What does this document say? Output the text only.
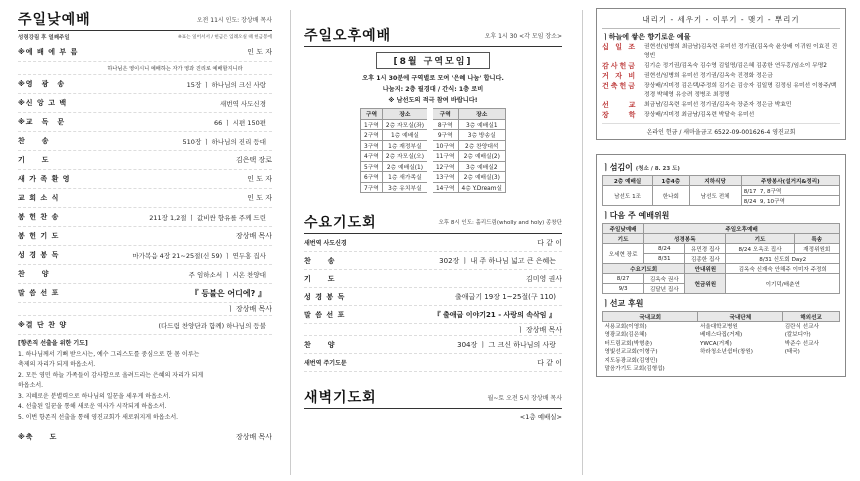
주일낮예배	오전 11시 인도: 장상배 목사
성령강림 후 열째주일	※표는 일어서서 / 헌금은 입례오실 때 헌금봉에
※예 배 에 부 름	인 도 자
하나님은 영이시니 예배하는 자가 영과 진리로 예배할지니라
※영　광　송	15장 ㅣ 하나님의 크신 사랑
※신 앙 고 백	새번역 사도신경
※교　독　문	66 ㅣ 시편 150편
찬　　송	510장 ㅣ 하나님의 진리 등대
기　　도	김은택 장로
새 가 족 환 영	인 도 자
교 회 소 식	인 도 자
봉 헌 찬 송	211장 1,2절 ㅣ 값비싼 향유를 주께 드린
봉 헌 기 도	장상배 목사
성 경 봉 독	마가복음 4장 21~25절(신 59) ㅣ 연두홍 집사
찬　　양	주 임하소서 ㅣ 시온 찬양대
말 씀 선 포	『 등불은 어디에? 』
ㅣ 장상배 목사
※결 단 찬 양	(다드림 찬양단과 함께) 하나님의 등불
[향존직 선출을 위한 기도]
1. 하나님께서 기뻐 받으시는, 예수 그리스도를 중심으로 한 몸 이루는
축제의 자리가 되게 하옵소서.
2. 모든 영민 하늘 가족들이 감사함으로 올려드리는 은혜의 자리가 되게
하옵소서.
3. 지혜로운 분별력으로 하나님의 일꾼을 세우게 하옵소서.
4. 선출된 일꾼을 통해 새로운 역사가 시작되게 하옵소서.
5. 이번 항존직 선출을 통해 영진교회가 새로워지게 하옵소서.
※축　　도	장상배 목사
주일오후예배	오후 1시 30 <각 모임 장소>
[8월 구역모임]
오후 1시 30분에 구역별로 모여 '은혜 나눔' 합니다.
나눔지: 2층 필경대 / 간식: 1층 로비
※ 남선도의 적극 참여 바랍니다!
구역	장소	구역	장소
1구역	2층 자모실(좌)	8구역	3층 예배실1
2구역	1층 예배실	9구역	3층 방송실
3구역	1층 재정부실	10구역	2층 찬양대석
4구역	2층 자모실(오)	11구역	2층 예배실(2)
5구역	2층 예배실(1)	12구역	3층 예배실2
6구역	1층 새가족실	13구역	2층 예배실(3)
7구역	3층 유치부실	14구역	4층 Y.Dream실
수요기도회	오후 8시 인도: 홀리드림(wholly and holy) 종창단
새번역 사도신경	다 같 이
찬　　송	302장 ㅣ 내 주 하나님 넓고 큰 은혜는
기　　도	김미영 권사
성 경 봉 독	출애굽기 19장 1~25절(구 110)
말 씀 선 포	『 출애굽 이야기21 - 사랑의 속삭임 』
ㅣ 장상배 목사
찬　　양	304장 ㅣ 그 크신 하나님의 사랑
새번역 주기도문	다 같 이
새벽기도회	월~토 오전 5시 장상배 목사
<1층 예배실>
내리기 - 세우기 - 이루기 - 맺기 - 뿌리기
ㅣ하늘에 쌓은 향기로운 예물
십 일 조	권현선(임병희 최금남)김옥련 유미선 정기권(김옥숙 윤상배 이귀원 이효진 진영빈
감사헌금	김기순 정기권/김옥숙 김수영 김일명/김은혜 김종한 연두홍/임소이 무명2
거 자 비	권현선/임병희 유미선 정기권/김옥숙 진경화 정은금
건축헌금	장상배/지미정 김은택/주정희 김기순 김승자 김일명 김정심 유미선 이창주/백정경 박혜영 유승려 정병조 최정명
선　　교	최금남/김옥련 유미선 정기권/김옥숙 장준자 정은금 박효민
장　　학	장상배/지미정 최금남/김옥련 박달숙 유미선
온라인 헌금 / 새마을금고 6522-09-001626-4 영진교회
ㅣ섬김이 (청소 / 8. 23 도)
2층 예배실	1층4층	지하식당	주방봉사(설거지&정리)
남선도 1조	한나회	남선도 전체	8/17 7, 8구역
			8/24 9, 10구역
ㅣ다음 주 예배위원
주일낮예배	주일오후예배			
기도	성경봉독		기도	특송
오세현 장로	8/24	유민경 집사	8/24 오옥조 집사	재정위원회
	8/31	김종한 집사	8/31 신도회 Day2	
수요기도회		안내위원	김옥숙 신재숙 안해주 이미자 주정희	
8/27	김옥숙 권사	헌금위원	이기덕/배춘연	
9/3	김달년 집사			
ㅣ선교 후원
국내교회	국내단체	해외선교
서용교회(이영희)	서울대학교병원	김란식 선교사
영광교회(김은혜)	베데스다집(거제)	(칼보디아)
터드림교회(박형춘)	YWCA(거제)	박준수 선교사
영빛선교교회(이형구)	하라청소년쉼터(창원)	(태국)
지도동광교회(김영민)		
말음가기도 교회(김형섭)		
